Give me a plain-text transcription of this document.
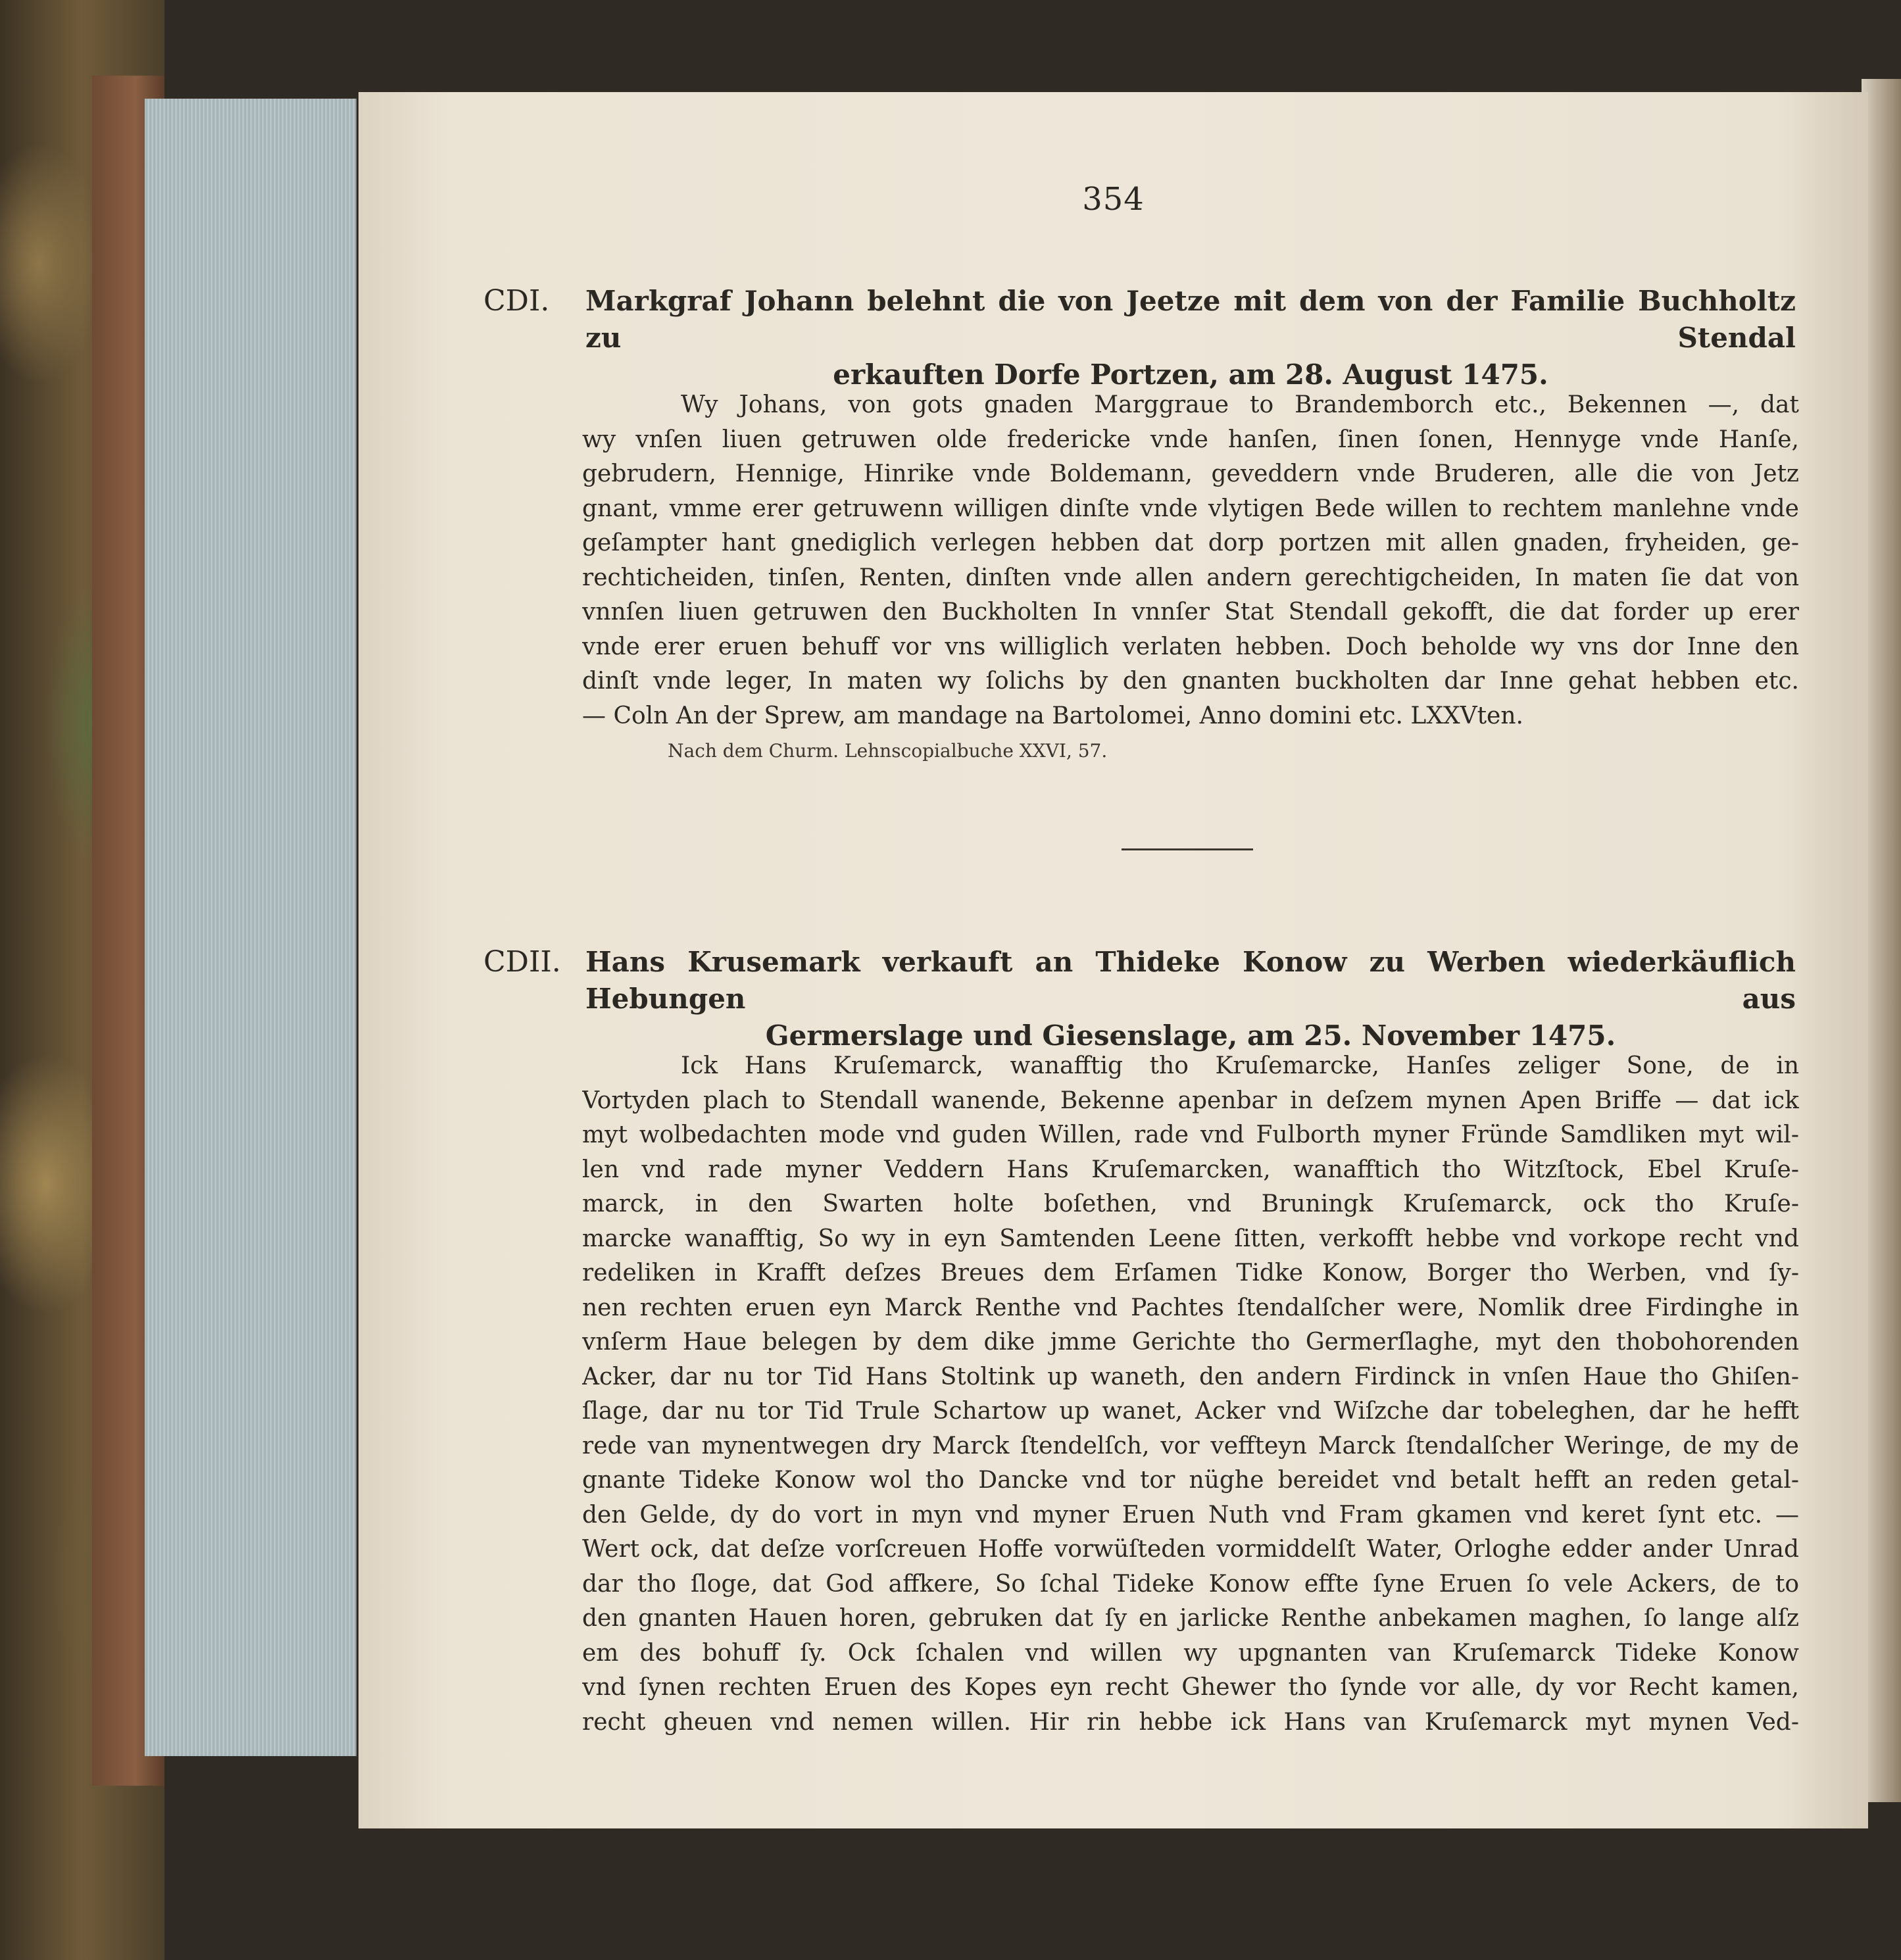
354
CDI. Markgraf Johann belehnt die von Jeetze mit dem von der Familie Buchholtz zu Stendal
erkauften Dorfe Portzen, am 28. August 1475.
Wy Johans, von gots gnaden Marggraue to Brandemborch etc., Bekennen —, dat
wy vnſen liuen getruwen olde fredericke vnde hanſen, ſinen ſonen, Hennyge vnde Hanſe,
gebrudern, Hennige, Hinrike vnde Boldemann, geveddern vnde Bruderen, alle die von Jetz
gnant, vmme erer getruwenn willigen dinſte vnde vlytigen Bede willen to rechtem manlehne vnde
geſampter hant gnediglich verlegen hebben dat dorp portzen mit allen gnaden, fryheiden, ge-
rechticheiden, tinſen, Renten, dinſten vnde allen andern gerechtigcheiden, In maten ſie dat von
vnnſen liuen getruwen den Buckholten In vnnſer Stat Stendall gekofft, die dat forder up erer
vnde erer eruen behuff vor vns williglich verlaten hebben. Doch beholde wy vns dor Inne den
dinſt vnde leger, In maten wy ſolichs by den gnanten buckholten dar Inne gehat hebben etc.
— Coln An der Sprew, am mandage na Bartolomei, Anno domini etc. LXXVten.
Nach dem Churm. Lehnscopialbuche XXVI, 57.
CDII. Hans Krusemark verkauft an Thideke Konow zu Werben wiederkäuflich Hebungen aus
Germerslage und Giesenslage, am 25. November 1475.
Ick Hans Kruſemarck, wanafftig tho Kruſemarcke, Hanſes zeliger Sone, de in
Vortyden plach to Stendall wanende, Bekenne apenbar in deſzem mynen Apen Briffe — dat ick
myt wolbedachten mode vnd guden Willen, rade vnd Fulborth myner Fründe Samdliken myt wil-
len vnd rade myner Veddern Hans Kruſemarcken, wanafftich tho Witzſtock, Ebel Kruſe-
marck, in den Swarten holte boſethen, vnd Bruningk Kruſemarck, ock tho Kruſe-
marcke wanafftig, So wy in eyn Samtenden Leene ſitten, verkofft hebbe vnd vorkope recht vnd
redeliken in Krafft deſzes Breues dem Erſamen Tidke Konow, Borger tho Werben, vnd ſy-
nen rechten eruen eyn Marck Renthe vnd Pachtes ſtendalſcher were, Nomlik dree Firdinghe in
vnſerm Haue belegen by dem dike jmme Gerichte tho Germerſlaghe, myt den thobohorenden
Acker, dar nu tor Tid Hans Stoltink up waneth, den andern Firdinck in vnſen Haue tho Ghiſen-
ſlage, dar nu tor Tid Trule Schartow up wanet, Acker vnd Wiſzche dar tobeleghen, dar he hefft
rede van mynentwegen dry Marck ſtendelſch, vor veffteyn Marck ſtendalſcher Weringe, de my de
gnante Tideke Konow wol tho Dancke vnd tor nüghe bereidet vnd betalt hefft an reden getal-
den Gelde, dy do vort in myn vnd myner Eruen Nuth vnd Fram gkamen vnd keret ſynt etc. —
Wert ock, dat deſze vorſcreuen Hoffe vorwüſteden vormiddelſt Water, Orloghe edder ander Unrad
dar tho ſloge, dat God affkere, So ſchal Tideke Konow effte ſyne Eruen ſo vele Ackers, de to
den gnanten Hauen horen, gebruken dat ſy en jarlicke Renthe anbekamen maghen, ſo lange alſz
em des bohuff ſy. Ock ſchalen vnd willen wy upgnanten van Kruſemarck Tideke Konow
vnd ſynen rechten Eruen des Kopes eyn recht Ghewer tho ſynde vor alle, dy vor Recht kamen,
recht gheuen vnd nemen willen. Hir rin hebbe ick Hans van Kruſemarck myt mynen Ved-
